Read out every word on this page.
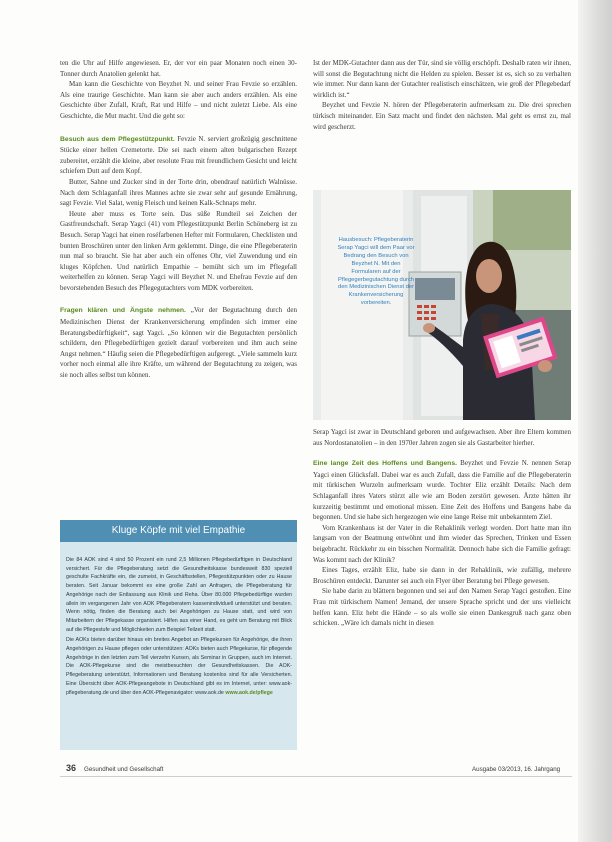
ten die Uhr auf Hilfe angewiesen. Er, der vor ein paar Monaten noch einen 30-Tonner durch Anatolien gelenkt hat.

Man kann die Geschichte von Beyzhet N. und seiner Frau Fevzie so erzählen. Als eine traurige Geschichte. Man kann sie aber auch anders erzählen. Als eine Geschichte über Zufall, Kraft, Rat und Hilfe – und nicht zuletzt Liebe. Als eine Geschichte, die Mut macht. Und die geht so:

Besuch aus dem Pflegestützpunkt. Fevzie N. serviert großzügig geschnittene Stücke einer hellen Cremetorte. Die sei nach einem alten bulgarischen Rezept zubereitet, erzählt die kleine, aber resolute Frau mit freundlichem Gesicht und leicht schiefem Dutt auf dem Kopf.

Butter, Sahne und Zucker sind in der Torte drin, obendrauf natürlich Walnüsse. Nach dem Schlaganfall ihres Mannes achte sie zwar sehr auf gesunde Ernährung, sagt Fevzie. Viel Salat, wenig Fleisch und keinen Kalk-Schnaps mehr.

Heute aber muss es Torte sein. Das süße Rundteil sei Zeichen der Gastfreundschaft. Serap Yagci (41) vom Pflegestützpunkt Berlin Schöneberg ist zu Besuch. Serap Yagci hat einen roséfarbenen Hefter mit Formularen, Checklisten und bunten Broschüren unter den linken Arm geklemmt. Dinge, die eine Pflegeberaterin nun mal so braucht. Sie hat aber auch ein offenes Ohr, viel Zuwendung und ein kluges Köpfchen. Und natürlich Empathie – bemüht sich um im Pflegefall weiterhelfen zu können. Serap Yagci will Beyzhet N. und Ehefrau Fevzie auf den bevorstehenden Besuch des Pflegegutachters vom MDK vorbereiten.

Fragen klären und Ängste nehmen. „Vor der Begutachtung durch den Medizinischen Dienst der Krankenversicherung empfinden sich immer eine Beratungsbedürftigkeit“, sagt Yagci. „So können wir die Begutachten persönlich schildern, den Pflegebedürftigen gezielt darauf vorbereiten und ihm auch seine Angst nehmen.“ Häufig seien die Pflegebedürftigen aufgeregt. „Viele sammeln kurz vorher noch einmal alle ihre Kräfte, um während der Begutachtung zu zeigen, was sie noch alles selbst tun können.

Kluge Köpfe mit viel Empathie

Die 84 AOK sind 4 sind 50 Prozent ein rund 2,5 Millionen Pflegebedürftigen in Deutschland versichert. Für die Pflegeberatung setzt die Gesundheitskasse bundesweit 830 speziell geschulte Fachkräfte ein, die zumeist, in Geschäftsstellen, Pflegestützpunkten oder zu Hause beraten. Seit Januar bekommt es eine große Zahl an Anfragen, die Pflegeberatung für Angehörige nach der Entlassung aus Klinik und Reha. Über 80.000 Pflegebedürftige wurden allein im vergangenen Jahr von AOK Pflegeberatern kassenindividuell unterstützt und beraten. Wenn nötig, finden die Beratung auch bei Angehörigen zu Hause statt, und wird von Mitarbeitern der Pflegekasse organisiert. Hilfen aus einer Hand, es geht um Beratung mit Blick auf die Pflegestufe und Möglichkeiten zum Beispiel Teilzeit statt.

Die AOKs bieten darüber hinaus ein breites Angebot an Pflegekursen für Angehörige, die ihren Angehörigen zu Hause pflegen oder unterstützen: AOKs bieten auch Pflegekurse, für pflegende Angehörige in den letzten zum Teil vierzehn Kursen, als Seminar in Gruppen, auch im Internet. Die AOK-Pflegekurse sind die meistbesuchten der Gesundheitskassen. Die AOK-Pflegeberatung unterstützt, Informationen und Beratung kostenlos sind für alle Versicherten. Eine Übersicht über AOK-Pflegeangebote in Deutschland gibt es im Internet, unter: www.aok-pflegeberatung.de und über den AOK-Pflegenavigator: www.aok.de www.aok.de/pflege

Ist der MDK-Gutachter dann aus der Tür, sind sie völlig erschöpft. Deshalb raten wir ihnen, will sonst die Begutachtung nicht die Helden zu spielen. Besser ist es, sich so zu verhalten wie immer. Nur dann kann der Gutachter realistisch einschätzen, wie groß der Pflegebedarf wirklich ist.“

Beyzhet und Fevzie N. hören der Pflegeberaterin aufmerksam zu. Die drei sprechen türkisch miteinander. Ein Satz macht und findet den nächsten. Mal geht es ernst zu, mal wird gescherzt.

Hausbesuch: Pflegeberaterin Serap Yagci will dem Paar vor Bedrang den Besuch von Beyzhet N. Mit den Formularen auf der Pflegegerbegutachtung durch den Medizinischen Dienst der Krankenversicherung vorbereiten.

Serap Yagci ist zwar in Deutschland geboren und aufgewachsen. Aber ihre Eltern kommen aus Nordostanatolien – in den 1970er Jahren zogen sie als Gastarbeiter hierher.

Eine lange Zeit des Hoffens und Bangens. Beyzhet und Fevzie N. nennen Serap Yagci einen Glücksfall. Dabei war es auch Zufall, dass die Familie auf die Pflegeberaterin mit türkischen Wurzeln aufmerksam wurde. Tochter Eliz erzählt Details: Nach dem Schlaganfall ihres Vaters stürzt alle wie am Boden zerstört gewesen. Ärzte hätten ihr kurzzeitig bestimmt und emotional missen. Eine Zeit des Hoffens und Bangens habe da begonnen. Und sie habe sich hergezogen wie eine lange Reise mit unbekanntem Ziel.

Vom Krankenhaus ist der Vater in die Rehaklinik verlegt worden. Dort hatte man ihn langsam von der Beatmung entwöhnt und ihm wieder das Sprechen, Trinken und Essen beigebracht. Rückkehr zu ein bisschen Normalität. Dennoch habe sich die Familie gefragt: Was kommt nach der Klinik?

Eines Tages, erzählt Eliz, habe sie dann in der Rehaklinik, wie zufällig, mehrere Broschüren entdeckt. Darunter sei auch ein Flyer über Beratung bei Pflege gewesen.

Sie habe darin zu blättern begonnen und sei auf den Namen Serap Yagci gestoßen. Eine Frau mit türkischem Namen! Jemand, der unsere Sprache spricht und der uns vielleicht helfen kann. Eliz hebt die Hände – so als wolle sie einen Dankesgruß nach ganz oben schicken. „Wäre ich damals nicht in diesen

36 Gesundheit und Gesellschaft	Ausgabe 03/2013, 16. Jahrgang
